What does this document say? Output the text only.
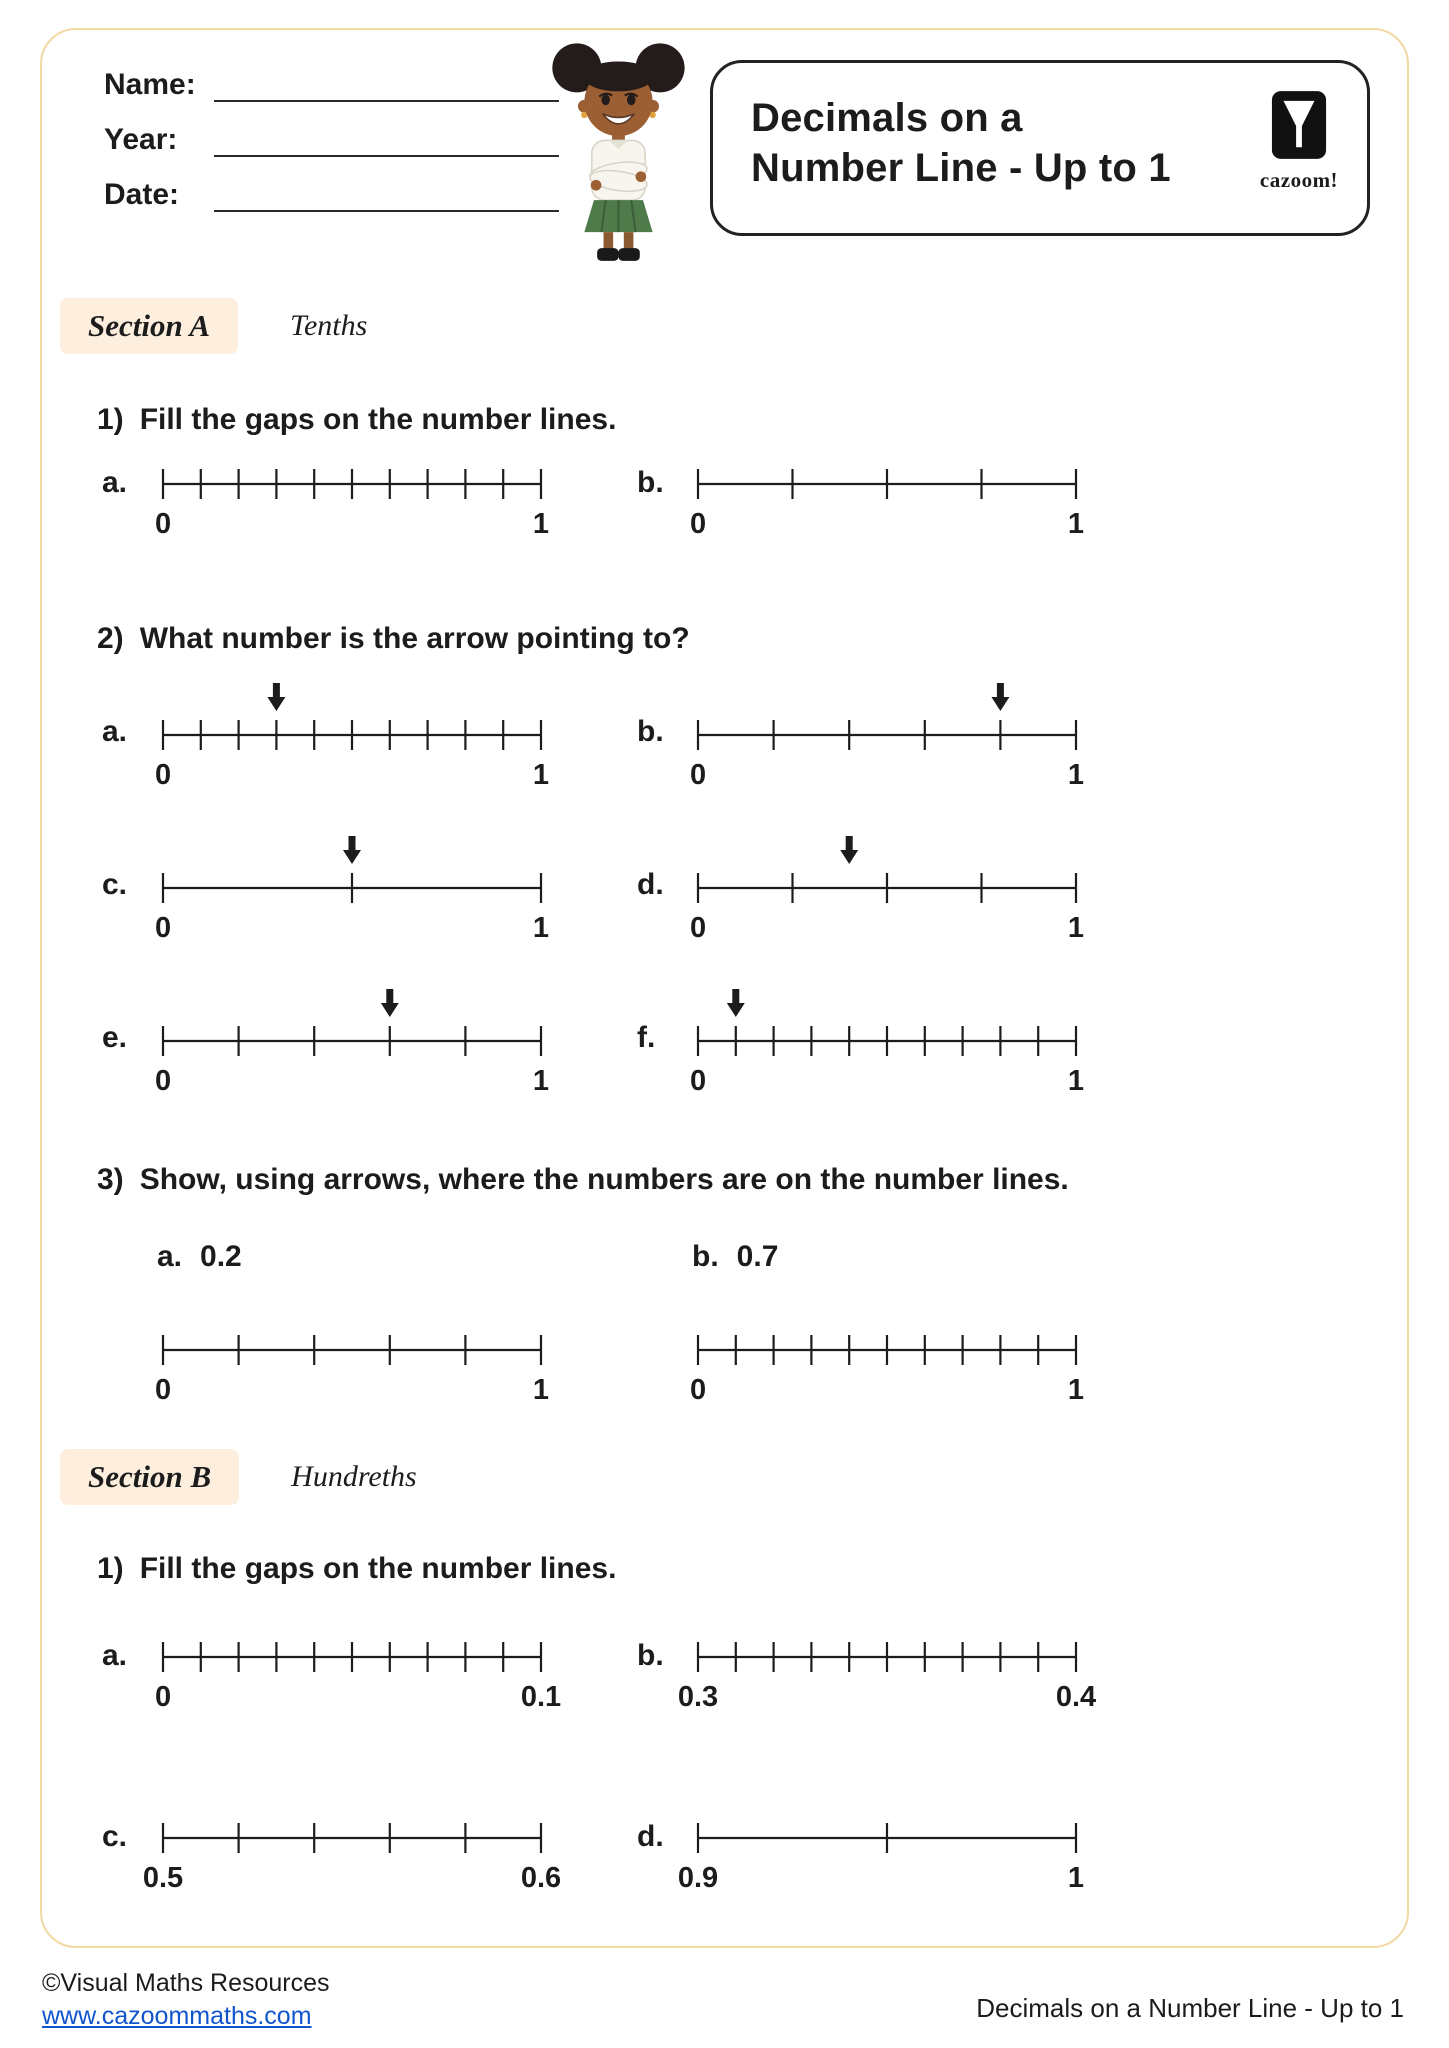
Name:
Year:
Date:
Decimals on a
Number Line - Up to 1	cazoom!
Section A	Tenths
1) Fill the gaps on the number lines.
a.
0	1
b.
0	1
2) What number is the arrow pointing to?
a.
0	1
b.
0	1
c.
0	1
d.
0	1
e.
0	1
f.
0	1
3) Show, using arrows, where the numbers are on the number lines.
a. 0.2
0	1
b. 0.7
0	1
Section B	Hundreths
1) Fill the gaps on the number lines.
a.
0	0.1
b.
0.3	0.4
c.
0.5	0.6
d.
0.9	1
©Visual Maths Resources
www.cazoommaths.com	Decimals on a Number Line - Up to 1
